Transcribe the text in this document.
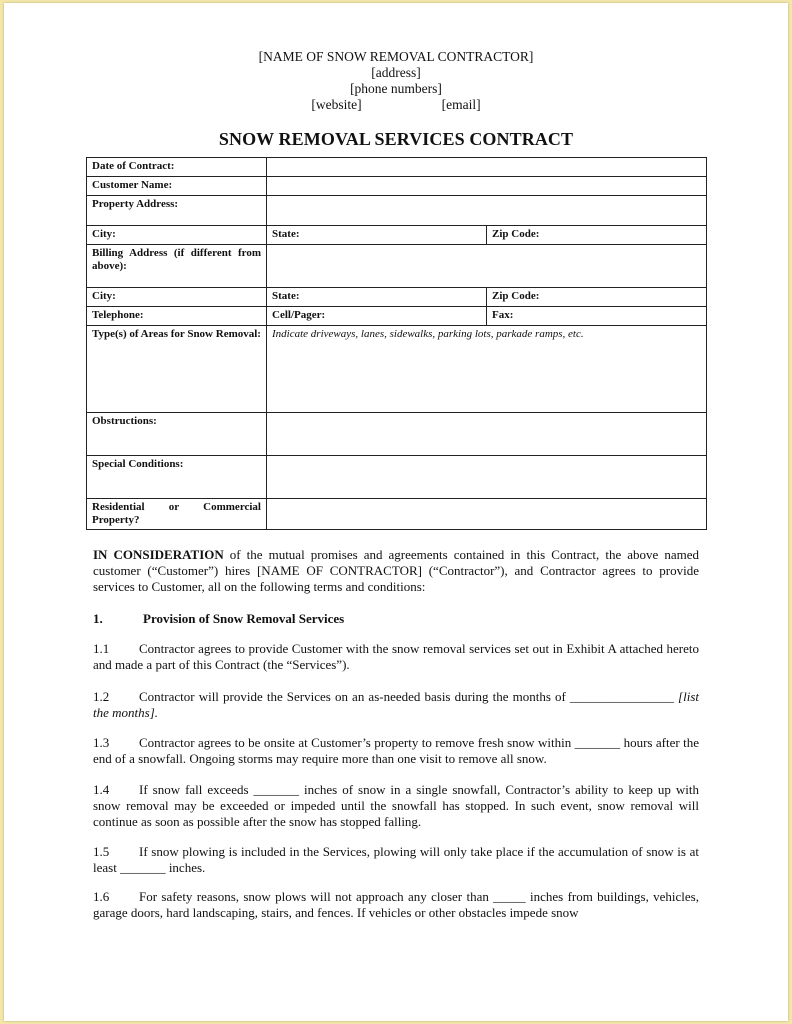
[NAME OF SNOW REMOVAL CONTRACTOR]
[address]
[phone numbers]
[website]	[email]
SNOW REMOVAL SERVICES CONTRACT
Date of Contract:		
Customer Name:		
Property Address:		
City:	State:	Zip Code:
Billing Address (if different from above):		
City:	State:	Zip Code:
Telephone:	Cell/Pager:	Fax:
Type(s) of Areas for Snow Removal:	Indicate driveways, lanes, sidewalks, parking lots, parkade ramps, etc.	
Obstructions:		
Special Conditions:		
Residential or Commercial Property?		
IN CONSIDERATION of the mutual promises and agreements contained in this Contract, the above named customer (“Customer”) hires [NAME OF CONTRACTOR] (“Contractor”), and Contractor agrees to provide services to Customer, all on the following terms and conditions:
1.	Provision of Snow Removal Services
1.1 Contractor agrees to provide Customer with the snow removal services set out in Exhibit A attached hereto and made a part of this Contract (the “Services”).
1.2 Contractor will provide the Services on an as-needed basis during the months of ________________ [list the months].
1.3 Contractor agrees to be onsite at Customer’s property to remove fresh snow within _______ hours after the end of a snowfall. Ongoing storms may require more than one visit to remove all snow.
1.4 If snow fall exceeds _______ inches of snow in a single snowfall, Contractor’s ability to keep up with snow removal may be exceeded or impeded until the snowfall has stopped. In such event, snow removal will continue as soon as possible after the snow has stopped falling.
1.5 If snow plowing is included in the Services, plowing will only take place if the accumulation of snow is at least _______ inches.
1.6 For safety reasons, snow plows will not approach any closer than _____ inches from buildings, vehicles, garage doors, hard landscaping, stairs, and fences. If vehicles or other obstacles impede snow
